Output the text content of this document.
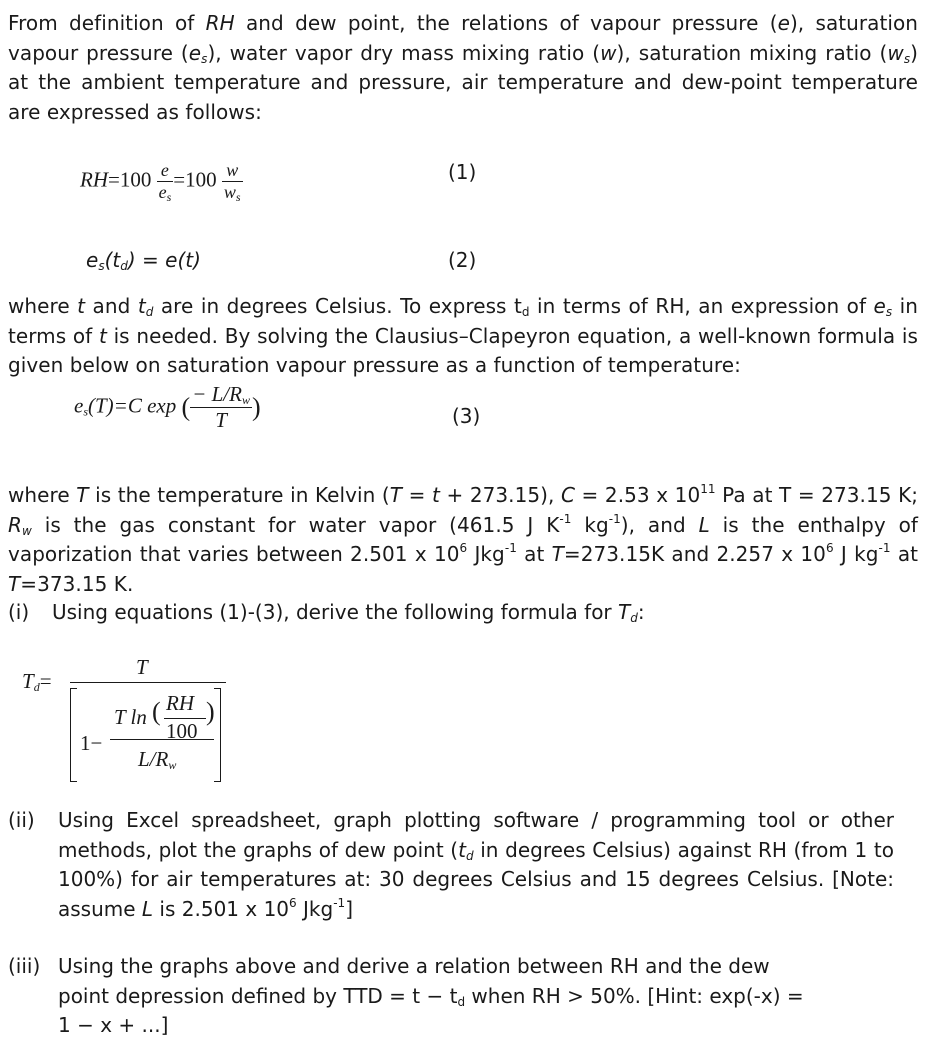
From definition of RH and dew point, the relations of vapour pressure (e), saturation vapour pressure $(e_s)$, water vapor dry mass mixing ratio (w), saturation mixing ratio $(w_s)$ at the ambient temperature and pressure, air temperature and dew-point temperature are expressed as follows:
$RH=100 \frac{e}{e_s} =100 \frac{w}{w_s}$	(1)
$e_s(t_d) = e(t)$	(2)
where t and $t_d$ are in degrees Celsius. To express $t_d$ in terms of RH, an expression of $e_s$ in terms of t is needed. By solving the Clausius–Clapeyron equation, a well-known formula is given below on saturation vapour pressure as a function of temperature:
$e_s(T)=C$ exp ( $\frac{- L/R_w}{T}$ )	(3)
where T is the temperature in Kelvin (T = t + 273.15), C = 2.53 x $10^{11}$ Pa at T = 273.15 K; $R_w$ is the gas constant for water vapor (461.5 J $K^{-1}$ $kg^{-1}$), and L is the enthalpy of vaporization that varies between 2.501 x $10^6$ Jkg$^{-1}$ at T=273.15K and 2.257 x $10^6$ J $kg^{-1}$ at T=373.15 K.
(i) Using equations (1)-(3), derive the following formula for $T_d$:
$T_d=$
T
1−
T ln ( RH
100
)
$L/R_w$
(ii) Using Excel spreadsheet, graph plotting software / programming tool or other methods, plot the graphs of dew point ($t_d$ in degrees Celsius) against RH (from 1 to 100%) for air temperatures at: 30 degrees Celsius and 15 degrees Celsius. [Note: assume L is 2.501 x $10^6$ Jkg$^{-1}$]
(iii) Using the graphs above and derive a relation between RH and the dew point depression defined by TTD = $t - t_d$ when RH > 50%. [Hint: exp(-x) = 1 − x + ...]
